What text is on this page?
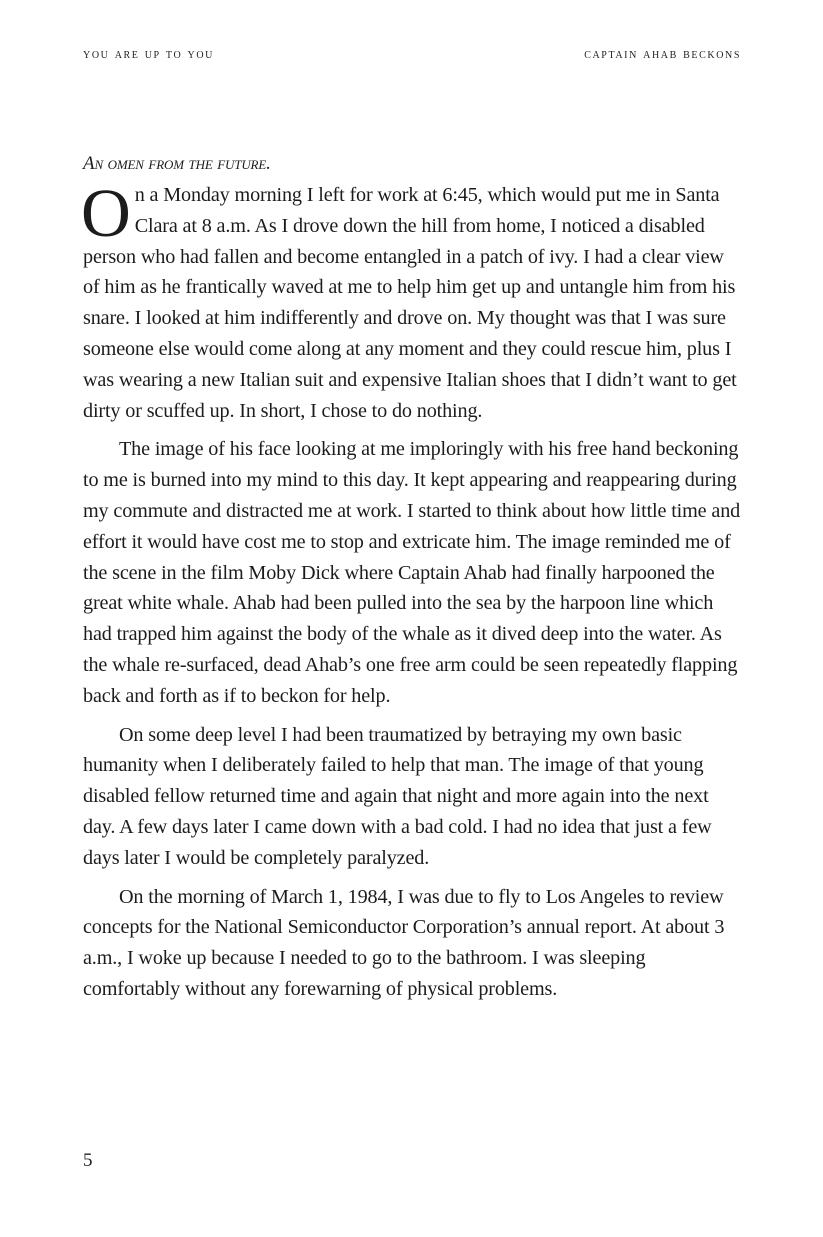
you are up to you	captain ahab beckons
An omen from the future.

On a Monday morning I left for work at 6:45, which would put me in Santa Clara at 8 a.m. As I drove down the hill from home, I noticed a disabled person who had fallen and become entangled in a patch of ivy. I had a clear view of him as he frantically waved at me to help him get up and untangle him from his snare. I looked at him indifferently and drove on. My thought was that I was sure someone else would come along at any moment and they could rescue him, plus I was wearing a new Italian suit and expensive Italian shoes that I didn’t want to get dirty or scuffed up. In short, I chose to do nothing.

The image of his face looking at me imploringly with his free hand beckoning to me is burned into my mind to this day. It kept appearing and reappearing during my commute and distracted me at work. I started to think about how little time and effort it would have cost me to stop and extricate him. The image reminded me of the scene in the film Moby Dick where Captain Ahab had finally harpooned the great white whale. Ahab had been pulled into the sea by the harpoon line which had trapped him against the body of the whale as it dived deep into the water. As the whale re-surfaced, dead Ahab’s one free arm could be seen repeatedly flapping back and forth as if to beckon for help.

On some deep level I had been traumatized by betraying my own basic humanity when I deliberately failed to help that man. The image of that young disabled fellow returned time and again that night and more again into the next day. A few days later I came down with a bad cold. I had no idea that just a few days later I would be completely paralyzed.

On the morning of March 1, 1984, I was due to fly to Los Angeles to review concepts for the National Semiconductor Corporation’s annual report. At about 3 a.m., I woke up because I needed to go to the bathroom. I was sleeping comfortably without any forewarning of physical problems.

5
